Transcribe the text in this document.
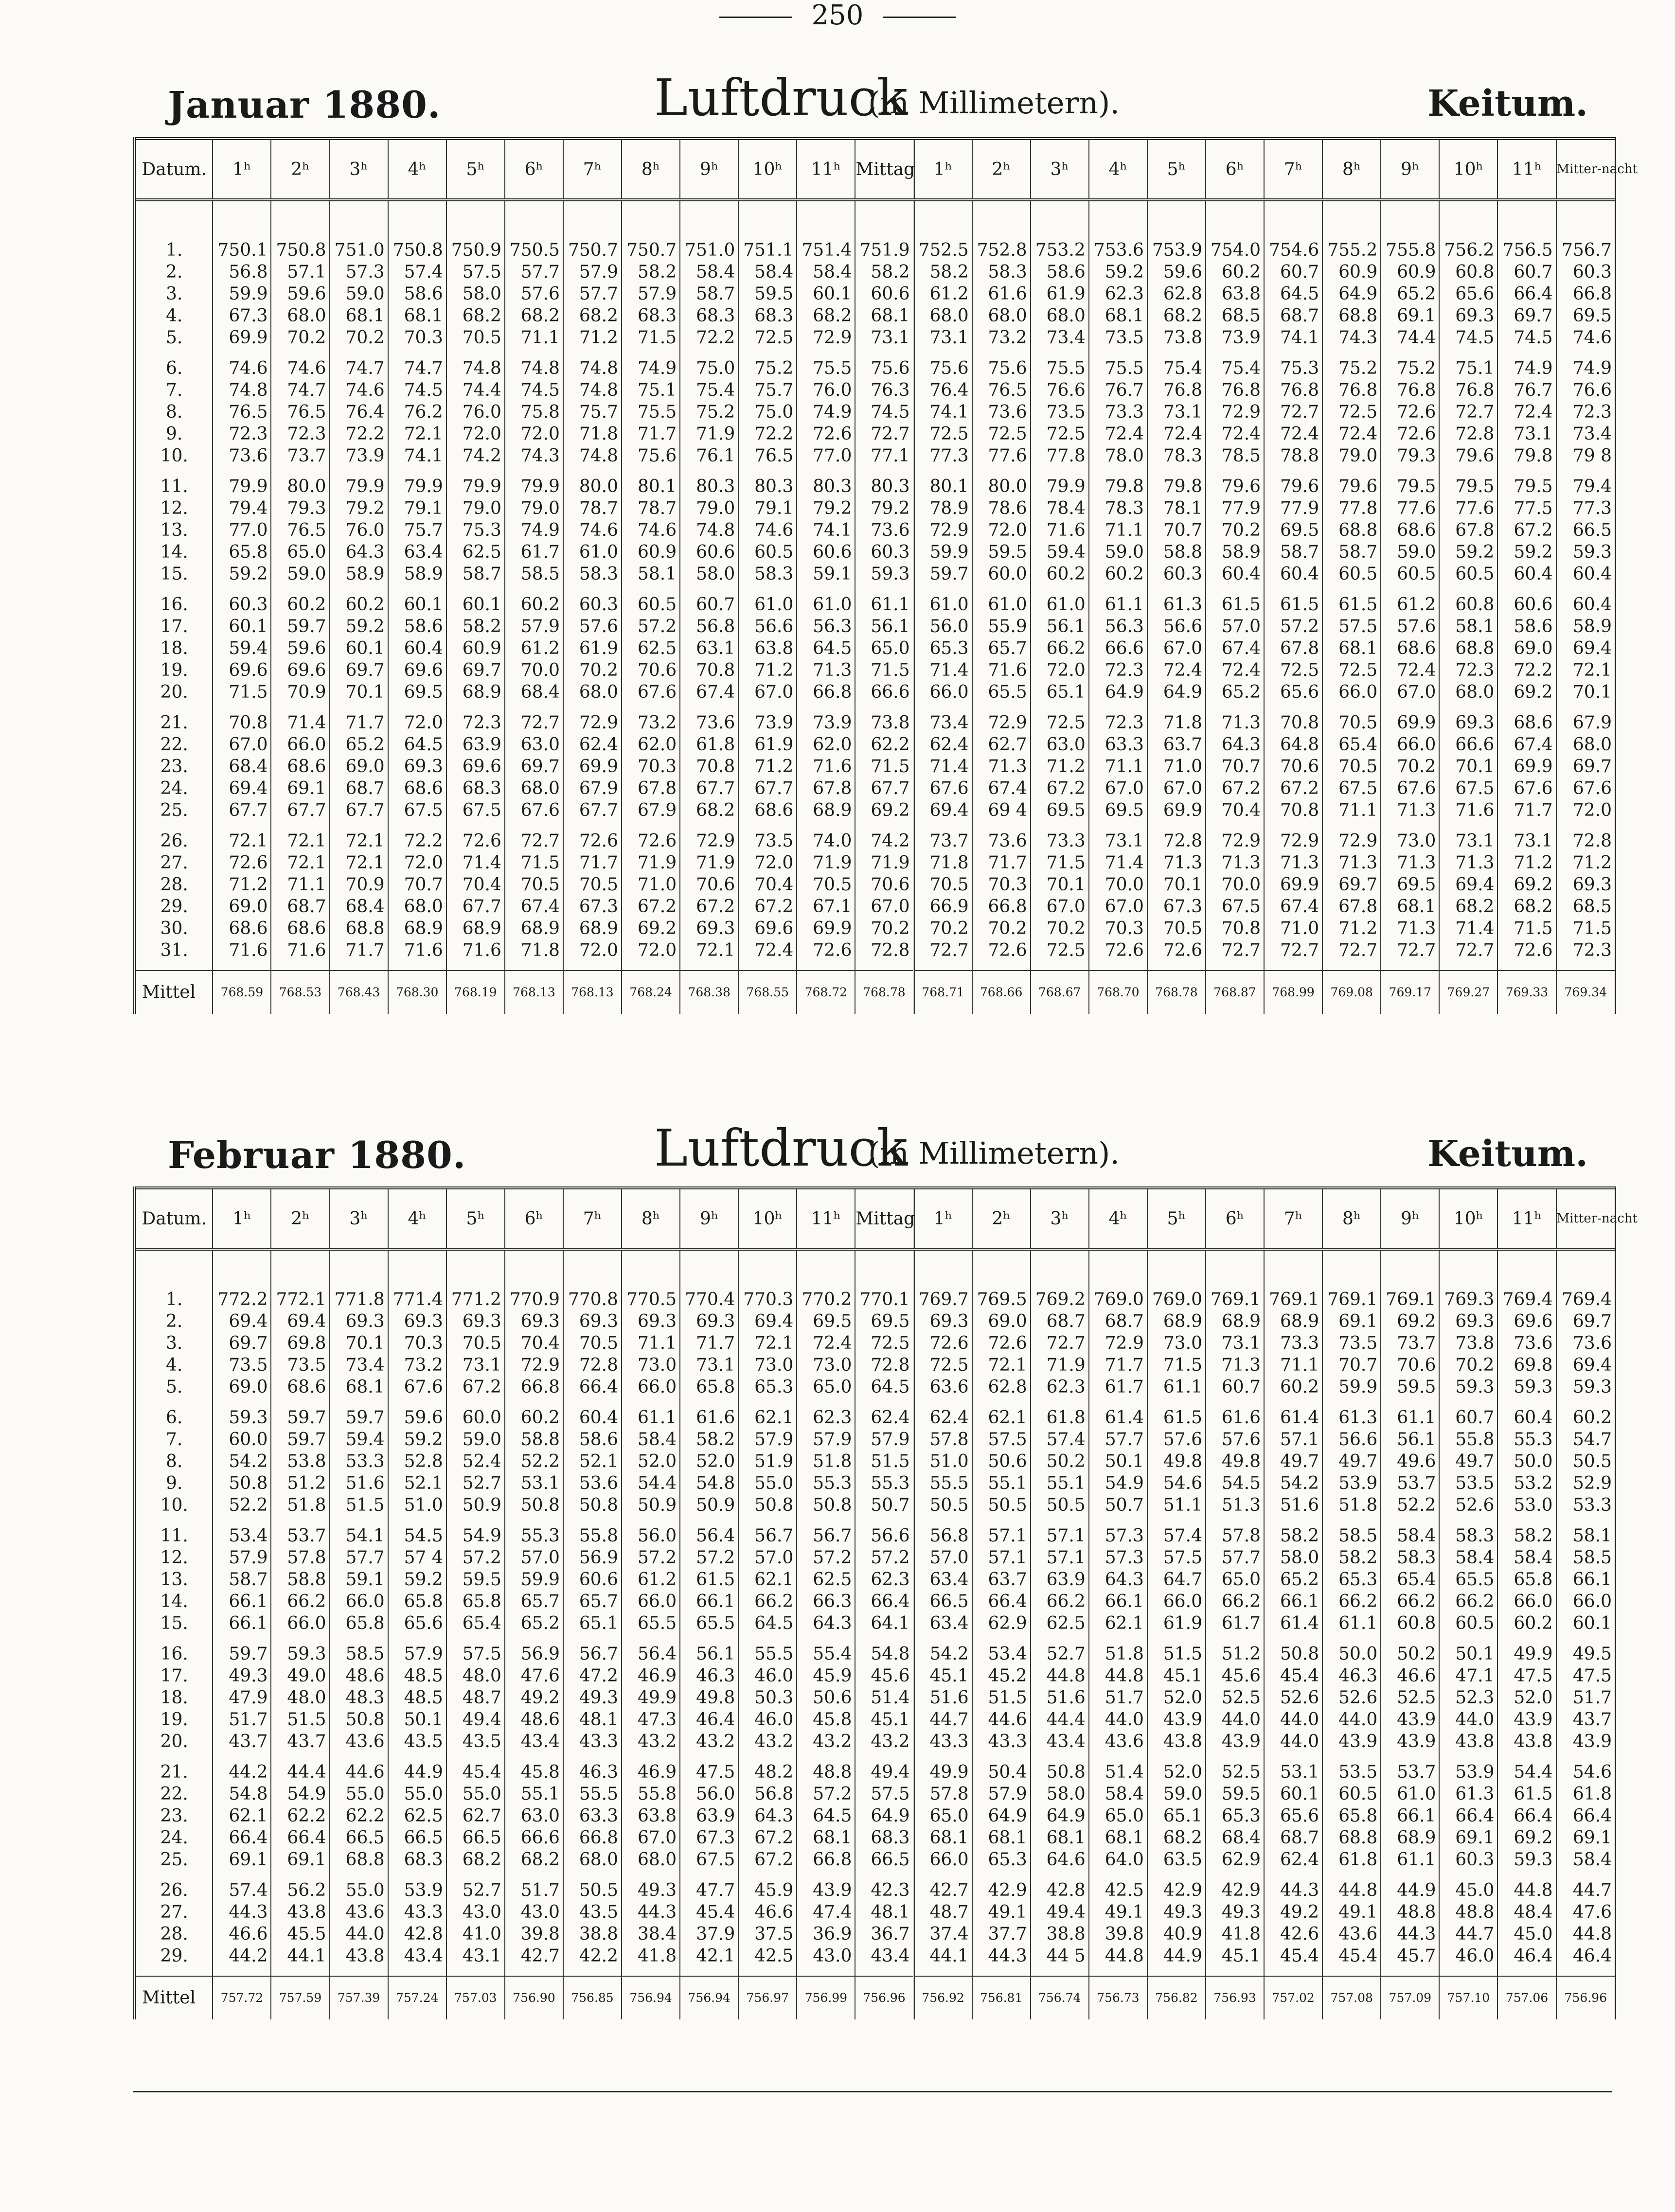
250
Januar 1880.	Luftdruck
(in Millimetern).	Keitum.
Datum.	1ʰ	2ʰ	3ʰ	4ʰ	5ʰ	6ʰ	7ʰ	8ʰ	9ʰ	10ʰ	11ʰ	Mittag	1ʰ	2ʰ	3ʰ	4ʰ	5ʰ	6ʰ	7ʰ	8ʰ	9ʰ	10ʰ	11ʰ	Mitter-nacht

1.	750.1	750.8	751.0	750.8	750.9	750.5	750.7	750.7	751.0	751.1	751.4	751.9	752.5	752.8	753.2	753.6	753.9	754.0	754.6	755.2	755.8	756.2	756.5	756.7
2.	56.8	57.1	57.3	57.4	57.5	57.7	57.9	58.2	58.4	58.4	58.4	58.2	58.2	58.3	58.6	59.2	59.6	60.2	60.7	60.9	60.9	60.8	60.7	60.3
3.	59.9	59.6	59.0	58.6	58.0	57.6	57.7	57.9	58.7	59.5	60.1	60.6	61.2	61.6	61.9	62.3	62.8	63.8	64.5	64.9	65.2	65.6	66.4	66.8
4.	67.3	68.0	68.1	68.1	68.2	68.2	68.2	68.3	68.3	68.3	68.2	68.1	68.0	68.0	68.0	68.1	68.2	68.5	68.7	68.8	69.1	69.3	69.7	69.5
5.	69.9	70.2	70.2	70.3	70.5	71.1	71.2	71.5	72.2	72.5	72.9	73.1	73.1	73.2	73.4	73.5	73.8	73.9	74.1	74.3	74.4	74.5	74.5	74.6

6.	74.6	74.6	74.7	74.7	74.8	74.8	74.8	74.9	75.0	75.2	75.5	75.6	75.6	75.6	75.5	75.5	75.4	75.4	75.3	75.2	75.2	75.1	74.9	74.9
7.	74.8	74.7	74.6	74.5	74.4	74.5	74.8	75.1	75.4	75.7	76.0	76.3	76.4	76.5	76.6	76.7	76.8	76.8	76.8	76.8	76.8	76.8	76.7	76.6
8.	76.5	76.5	76.4	76.2	76.0	75.8	75.7	75.5	75.2	75.0	74.9	74.5	74.1	73.6	73.5	73.3	73.1	72.9	72.7	72.5	72.6	72.7	72.4	72.3
9.	72.3	72.3	72.2	72.1	72.0	72.0	71.8	71.7	71.9	72.2	72.6	72.7	72.5	72.5	72.5	72.4	72.4	72.4	72.4	72.4	72.6	72.8	73.1	73.4
10.	73.6	73.7	73.9	74.1	74.2	74.3	74.8	75.6	76.1	76.5	77.0	77.1	77.3	77.6	77.8	78.0	78.3	78.5	78.8	79.0	79.3	79.6	79.8	79 8

11.	79.9	80.0	79.9	79.9	79.9	79.9	80.0	80.1	80.3	80.3	80.3	80.3	80.1	80.0	79.9	79.8	79.8	79.6	79.6	79.6	79.5	79.5	79.5	79.4
12.	79.4	79.3	79.2	79.1	79.0	79.0	78.7	78.7	79.0	79.1	79.2	79.2	78.9	78.6	78.4	78.3	78.1	77.9	77.9	77.8	77.6	77.6	77.5	77.3
13.	77.0	76.5	76.0	75.7	75.3	74.9	74.6	74.6	74.8	74.6	74.1	73.6	72.9	72.0	71.6	71.1	70.7	70.2	69.5	68.8	68.6	67.8	67.2	66.5
14.	65.8	65.0	64.3	63.4	62.5	61.7	61.0	60.9	60.6	60.5	60.6	60.3	59.9	59.5	59.4	59.0	58.8	58.9	58.7	58.7	59.0	59.2	59.2	59.3
15.	59.2	59.0	58.9	58.9	58.7	58.5	58.3	58.1	58.0	58.3	59.1	59.3	59.7	60.0	60.2	60.2	60.3	60.4	60.4	60.5	60.5	60.5	60.4	60.4

16.	60.3	60.2	60.2	60.1	60.1	60.2	60.3	60.5	60.7	61.0	61.0	61.1	61.0	61.0	61.0	61.1	61.3	61.5	61.5	61.5	61.2	60.8	60.6	60.4
17.	60.1	59.7	59.2	58.6	58.2	57.9	57.6	57.2	56.8	56.6	56.3	56.1	56.0	55.9	56.1	56.3	56.6	57.0	57.2	57.5	57.6	58.1	58.6	58.9
18.	59.4	59.6	60.1	60.4	60.9	61.2	61.9	62.5	63.1	63.8	64.5	65.0	65.3	65.7	66.2	66.6	67.0	67.4	67.8	68.1	68.6	68.8	69.0	69.4
19.	69.6	69.6	69.7	69.6	69.7	70.0	70.2	70.6	70.8	71.2	71.3	71.5	71.4	71.6	72.0	72.3	72.4	72.4	72.5	72.5	72.4	72.3	72.2	72.1
20.	71.5	70.9	70.1	69.5	68.9	68.4	68.0	67.6	67.4	67.0	66.8	66.6	66.0	65.5	65.1	64.9	64.9	65.2	65.6	66.0	67.0	68.0	69.2	70.1

21.	70.8	71.4	71.7	72.0	72.3	72.7	72.9	73.2	73.6	73.9	73.9	73.8	73.4	72.9	72.5	72.3	71.8	71.3	70.8	70.5	69.9	69.3	68.6	67.9
22.	67.0	66.0	65.2	64.5	63.9	63.0	62.4	62.0	61.8	61.9	62.0	62.2	62.4	62.7	63.0	63.3	63.7	64.3	64.8	65.4	66.0	66.6	67.4	68.0
23.	68.4	68.6	69.0	69.3	69.6	69.7	69.9	70.3	70.8	71.2	71.6	71.5	71.4	71.3	71.2	71.1	71.0	70.7	70.6	70.5	70.2	70.1	69.9	69.7
24.	69.4	69.1	68.7	68.6	68.3	68.0	67.9	67.8	67.7	67.7	67.8	67.7	67.6	67.4	67.2	67.0	67.0	67.2	67.2	67.5	67.6	67.5	67.6	67.6
25.	67.7	67.7	67.7	67.5	67.5	67.6	67.7	67.9	68.2	68.6	68.9	69.2	69.4	69 4	69.5	69.5	69.9	70.4	70.8	71.1	71.3	71.6	71.7	72.0

26.	72.1	72.1	72.1	72.2	72.6	72.7	72.6	72.6	72.9	73.5	74.0	74.2	73.7	73.6	73.3	73.1	72.8	72.9	72.9	72.9	73.0	73.1	73.1	72.8
27.	72.6	72.1	72.1	72.0	71.4	71.5	71.7	71.9	71.9	72.0	71.9	71.9	71.8	71.7	71.5	71.4	71.3	71.3	71.3	71.3	71.3	71.3	71.2	71.2
28.	71.2	71.1	70.9	70.7	70.4	70.5	70.5	71.0	70.6	70.4	70.5	70.6	70.5	70.3	70.1	70.0	70.1	70.0	69.9	69.7	69.5	69.4	69.2	69.3
29.	69.0	68.7	68.4	68.0	67.7	67.4	67.3	67.2	67.2	67.2	67.1	67.0	66.9	66.8	67.0	67.0	67.3	67.5	67.4	67.8	68.1	68.2	68.2	68.5
30.	68.6	68.6	68.8	68.9	68.9	68.9	68.9	69.2	69.3	69.6	69.9	70.2	70.2	70.2	70.2	70.3	70.5	70.8	71.0	71.2	71.3	71.4	71.5	71.5
31.	71.6	71.6	71.7	71.6	71.6	71.8	72.0	72.0	72.1	72.4	72.6	72.8	72.7	72.6	72.5	72.6	72.6	72.7	72.7	72.7	72.7	72.7	72.6	72.3

Mittel	768.59	768.53	768.43	768.30	768.19	768.13	768.13	768.24	768.38	768.55	768.72	768.78	768.71	768.66	768.67	768.70	768.78	768.87	768.99	769.08	769.17	769.27	769.33	769.34
Februar 1880.	Luftdruck
(in Millimetern).	Keitum.
Datum.	1ʰ	2ʰ	3ʰ	4ʰ	5ʰ	6ʰ	7ʰ	8ʰ	9ʰ	10ʰ	11ʰ	Mittag	1ʰ	2ʰ	3ʰ	4ʰ	5ʰ	6ʰ	7ʰ	8ʰ	9ʰ	10ʰ	11ʰ	Mitter-nacht

1.	772.2	772.1	771.8	771.4	771.2	770.9	770.8	770.5	770.4	770.3	770.2	770.1	769.7	769.5	769.2	769.0	769.0	769.1	769.1	769.1	769.1	769.3	769.4	769.4
2.	69.4	69.4	69.3	69.3	69.3	69.3	69.3	69.3	69.3	69.4	69.5	69.5	69.3	69.0	68.7	68.7	68.9	68.9	68.9	69.1	69.2	69.3	69.6	69.7
3.	69.7	69.8	70.1	70.3	70.5	70.4	70.5	71.1	71.7	72.1	72.4	72.5	72.6	72.6	72.7	72.9	73.0	73.1	73.3	73.5	73.7	73.8	73.6	73.6
4.	73.5	73.5	73.4	73.2	73.1	72.9	72.8	73.0	73.1	73.0	73.0	72.8	72.5	72.1	71.9	71.7	71.5	71.3	71.1	70.7	70.6	70.2	69.8	69.4
5.	69.0	68.6	68.1	67.6	67.2	66.8	66.4	66.0	65.8	65.3	65.0	64.5	63.6	62.8	62.3	61.7	61.1	60.7	60.2	59.9	59.5	59.3	59.3	59.3

6.	59.3	59.7	59.7	59.6	60.0	60.2	60.4	61.1	61.6	62.1	62.3	62.4	62.4	62.1	61.8	61.4	61.5	61.6	61.4	61.3	61.1	60.7	60.4	60.2
7.	60.0	59.7	59.4	59.2	59.0	58.8	58.6	58.4	58.2	57.9	57.9	57.9	57.8	57.5	57.4	57.7	57.6	57.6	57.1	56.6	56.1	55.8	55.3	54.7
8.	54.2	53.8	53.3	52.8	52.4	52.2	52.1	52.0	52.0	51.9	51.8	51.5	51.0	50.6	50.2	50.1	49.8	49.8	49.7	49.7	49.6	49.7	50.0	50.5
9.	50.8	51.2	51.6	52.1	52.7	53.1	53.6	54.4	54.8	55.0	55.3	55.3	55.5	55.1	55.1	54.9	54.6	54.5	54.2	53.9	53.7	53.5	53.2	52.9
10.	52.2	51.8	51.5	51.0	50.9	50.8	50.8	50.9	50.9	50.8	50.8	50.7	50.5	50.5	50.5	50.7	51.1	51.3	51.6	51.8	52.2	52.6	53.0	53.3

11.	53.4	53.7	54.1	54.5	54.9	55.3	55.8	56.0	56.4	56.7	56.7	56.6	56.8	57.1	57.1	57.3	57.4	57.8	58.2	58.5	58.4	58.3	58.2	58.1
12.	57.9	57.8	57.7	57 4	57.2	57.0	56.9	57.2	57.2	57.0	57.2	57.2	57.0	57.1	57.1	57.3	57.5	57.7	58.0	58.2	58.3	58.4	58.4	58.5
13.	58.7	58.8	59.1	59.2	59.5	59.9	60.6	61.2	61.5	62.1	62.5	62.3	63.4	63.7	63.9	64.3	64.7	65.0	65.2	65.3	65.4	65.5	65.8	66.1
14.	66.1	66.2	66.0	65.8	65.8	65.7	65.7	66.0	66.1	66.2	66.3	66.4	66.5	66.4	66.2	66.1	66.0	66.2	66.1	66.2	66.2	66.2	66.0	66.0
15.	66.1	66.0	65.8	65.6	65.4	65.2	65.1	65.5	65.5	64.5	64.3	64.1	63.4	62.9	62.5	62.1	61.9	61.7	61.4	61.1	60.8	60.5	60.2	60.1

16.	59.7	59.3	58.5	57.9	57.5	56.9	56.7	56.4	56.1	55.5	55.4	54.8	54.2	53.4	52.7	51.8	51.5	51.2	50.8	50.0	50.2	50.1	49.9	49.5
17.	49.3	49.0	48.6	48.5	48.0	47.6	47.2	46.9	46.3	46.0	45.9	45.6	45.1	45.2	44.8	44.8	45.1	45.6	45.4	46.3	46.6	47.1	47.5	47.5
18.	47.9	48.0	48.3	48.5	48.7	49.2	49.3	49.9	49.8	50.3	50.6	51.4	51.6	51.5	51.6	51.7	52.0	52.5	52.6	52.6	52.5	52.3	52.0	51.7
19.	51.7	51.5	50.8	50.1	49.4	48.6	48.1	47.3	46.4	46.0	45.8	45.1	44.7	44.6	44.4	44.0	43.9	44.0	44.0	44.0	43.9	44.0	43.9	43.7
20.	43.7	43.7	43.6	43.5	43.5	43.4	43.3	43.2	43.2	43.2	43.2	43.2	43.3	43.3	43.4	43.6	43.8	43.9	44.0	43.9	43.9	43.8	43.8	43.9

21.	44.2	44.4	44.6	44.9	45.4	45.8	46.3	46.9	47.5	48.2	48.8	49.4	49.9	50.4	50.8	51.4	52.0	52.5	53.1	53.5	53.7	53.9	54.4	54.6
22.	54.8	54.9	55.0	55.0	55.0	55.1	55.5	55.8	56.0	56.8	57.2	57.5	57.8	57.9	58.0	58.4	59.0	59.5	60.1	60.5	61.0	61.3	61.5	61.8
23.	62.1	62.2	62.2	62.5	62.7	63.0	63.3	63.8	63.9	64.3	64.5	64.9	65.0	64.9	64.9	65.0	65.1	65.3	65.6	65.8	66.1	66.4	66.4	66.4
24.	66.4	66.4	66.5	66.5	66.5	66.6	66.8	67.0	67.3	67.2	68.1	68.3	68.1	68.1	68.1	68.1	68.2	68.4	68.7	68.8	68.9	69.1	69.2	69.1
25.	69.1	69.1	68.8	68.3	68.2	68.2	68.0	68.0	67.5	67.2	66.8	66.5	66.0	65.3	64.6	64.0	63.5	62.9	62.4	61.8	61.1	60.3	59.3	58.4

26.	57.4	56.2	55.0	53.9	52.7	51.7	50.5	49.3	47.7	45.9	43.9	42.3	42.7	42.9	42.8	42.5	42.9	42.9	44.3	44.8	44.9	45.0	44.8	44.7
27.	44.3	43.8	43.6	43.3	43.0	43.0	43.5	44.3	45.4	46.6	47.4	48.1	48.7	49.1	49.4	49.1	49.3	49.3	49.2	49.1	48.8	48.8	48.4	47.6
28.	46.6	45.5	44.0	42.8	41.0	39.8	38.8	38.4	37.9	37.5	36.9	36.7	37.4	37.7	38.8	39.8	40.9	41.8	42.6	43.6	44.3	44.7	45.0	44.8
29.	44.2	44.1	43.8	43.4	43.1	42.7	42.2	41.8	42.1	42.5	43.0	43.4	44.1	44.3	44 5	44.8	44.9	45.1	45.4	45.4	45.7	46.0	46.4	46.4

Mittel	757.72	757.59	757.39	757.24	757.03	756.90	756.85	756.94	756.94	756.97	756.99	756.96	756.92	756.81	756.74	756.73	756.82	756.93	757.02	757.08	757.09	757.10	757.06	756.96
